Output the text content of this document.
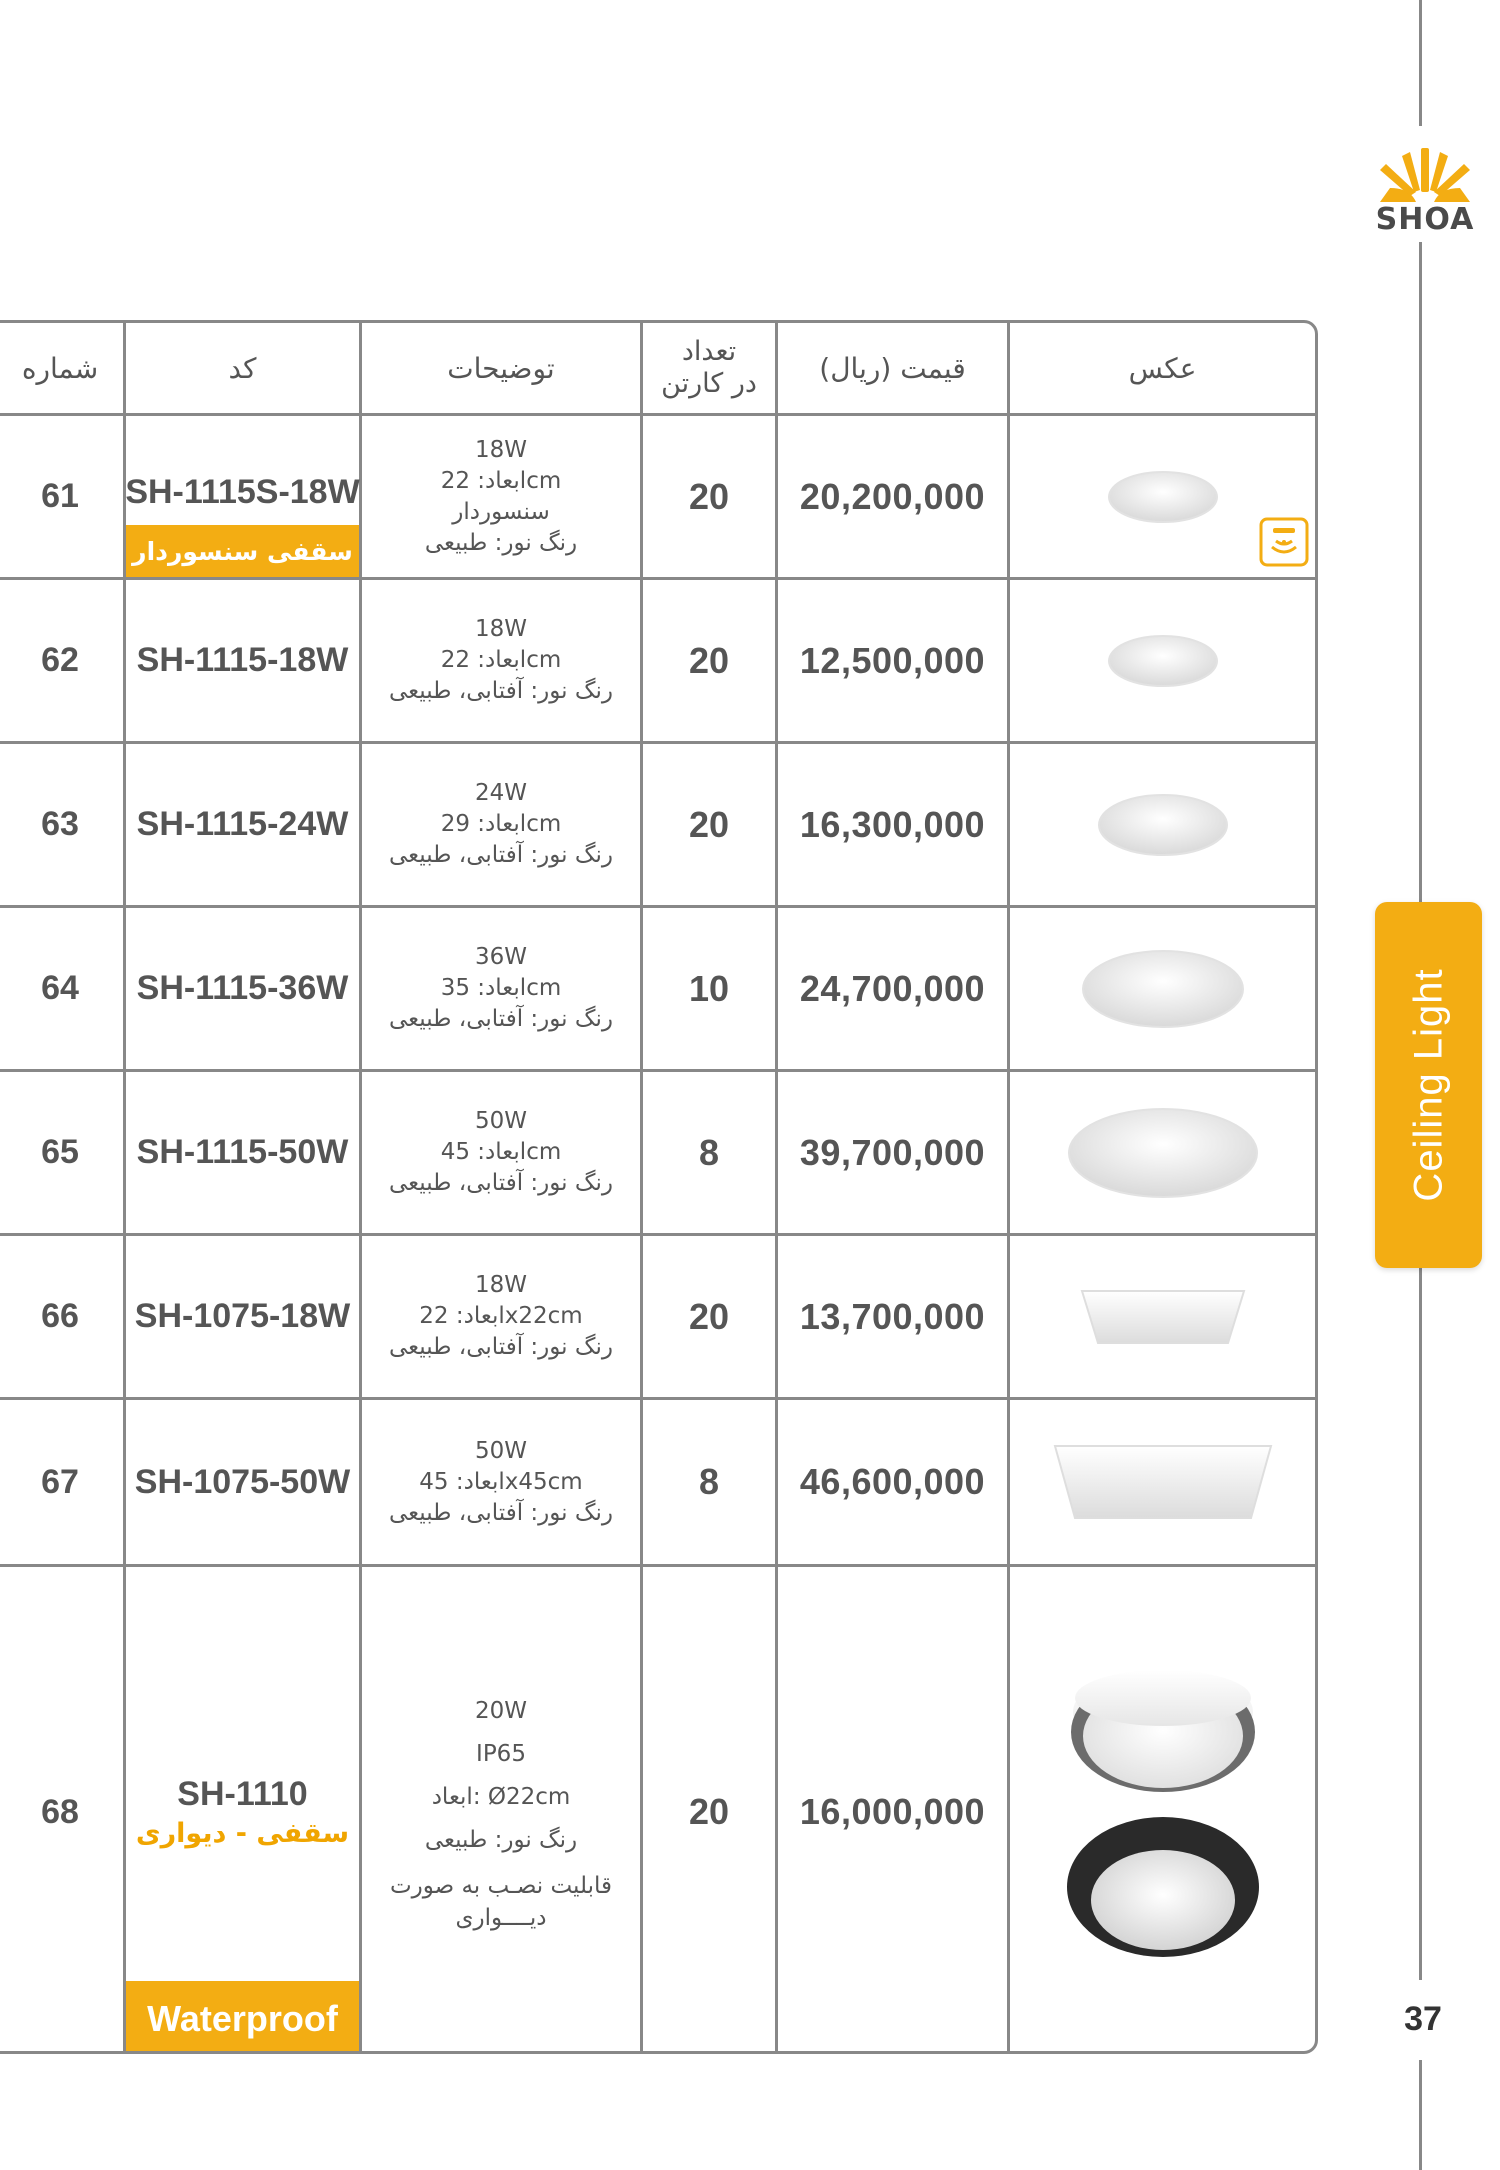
SHOA
Ceiling Light
37
شماره	کد	توضیحات	تعداد
در کارتن	قیمت (ریال)	عکس
61	SH-1115S-18W
سقفی سنسوردار
18W
ابعاد: 22cm
سنسوردار
رنگ نور: طبیعی
20	20,200,000
62	SH-1115-18W
18W
ابعاد: 22cm
رنگ نور: آفتابی، طبیعی
20	12,500,000
63	SH-1115-24W
24W
ابعاد: 29cm
رنگ نور: آفتابی، طبیعی
20	16,300,000
64	SH-1115-36W
36W
ابعاد: 35cm
رنگ نور: آفتابی، طبیعی
10	24,700,000
65	SH-1115-50W
50W
ابعاد: 45cm
رنگ نور: آفتابی، طبیعی
8	39,700,000
66	SH-1075-18W
18W
ابعاد: 22x22cm
رنگ نور: آفتابی، طبیعی
20	13,700,000
67	SH-1075-50W
50W
ابعاد: 45x45cm
رنگ نور: آفتابی، طبیعی
8	46,600,000
68	SH-1110
سقفی - دیواری
Waterproof
20W
IP65
ابعاد: Ø22cm
رنگ نور: طبیعی
قابلیت نصـب به صورت
دیــــواری
20	16,000,000
